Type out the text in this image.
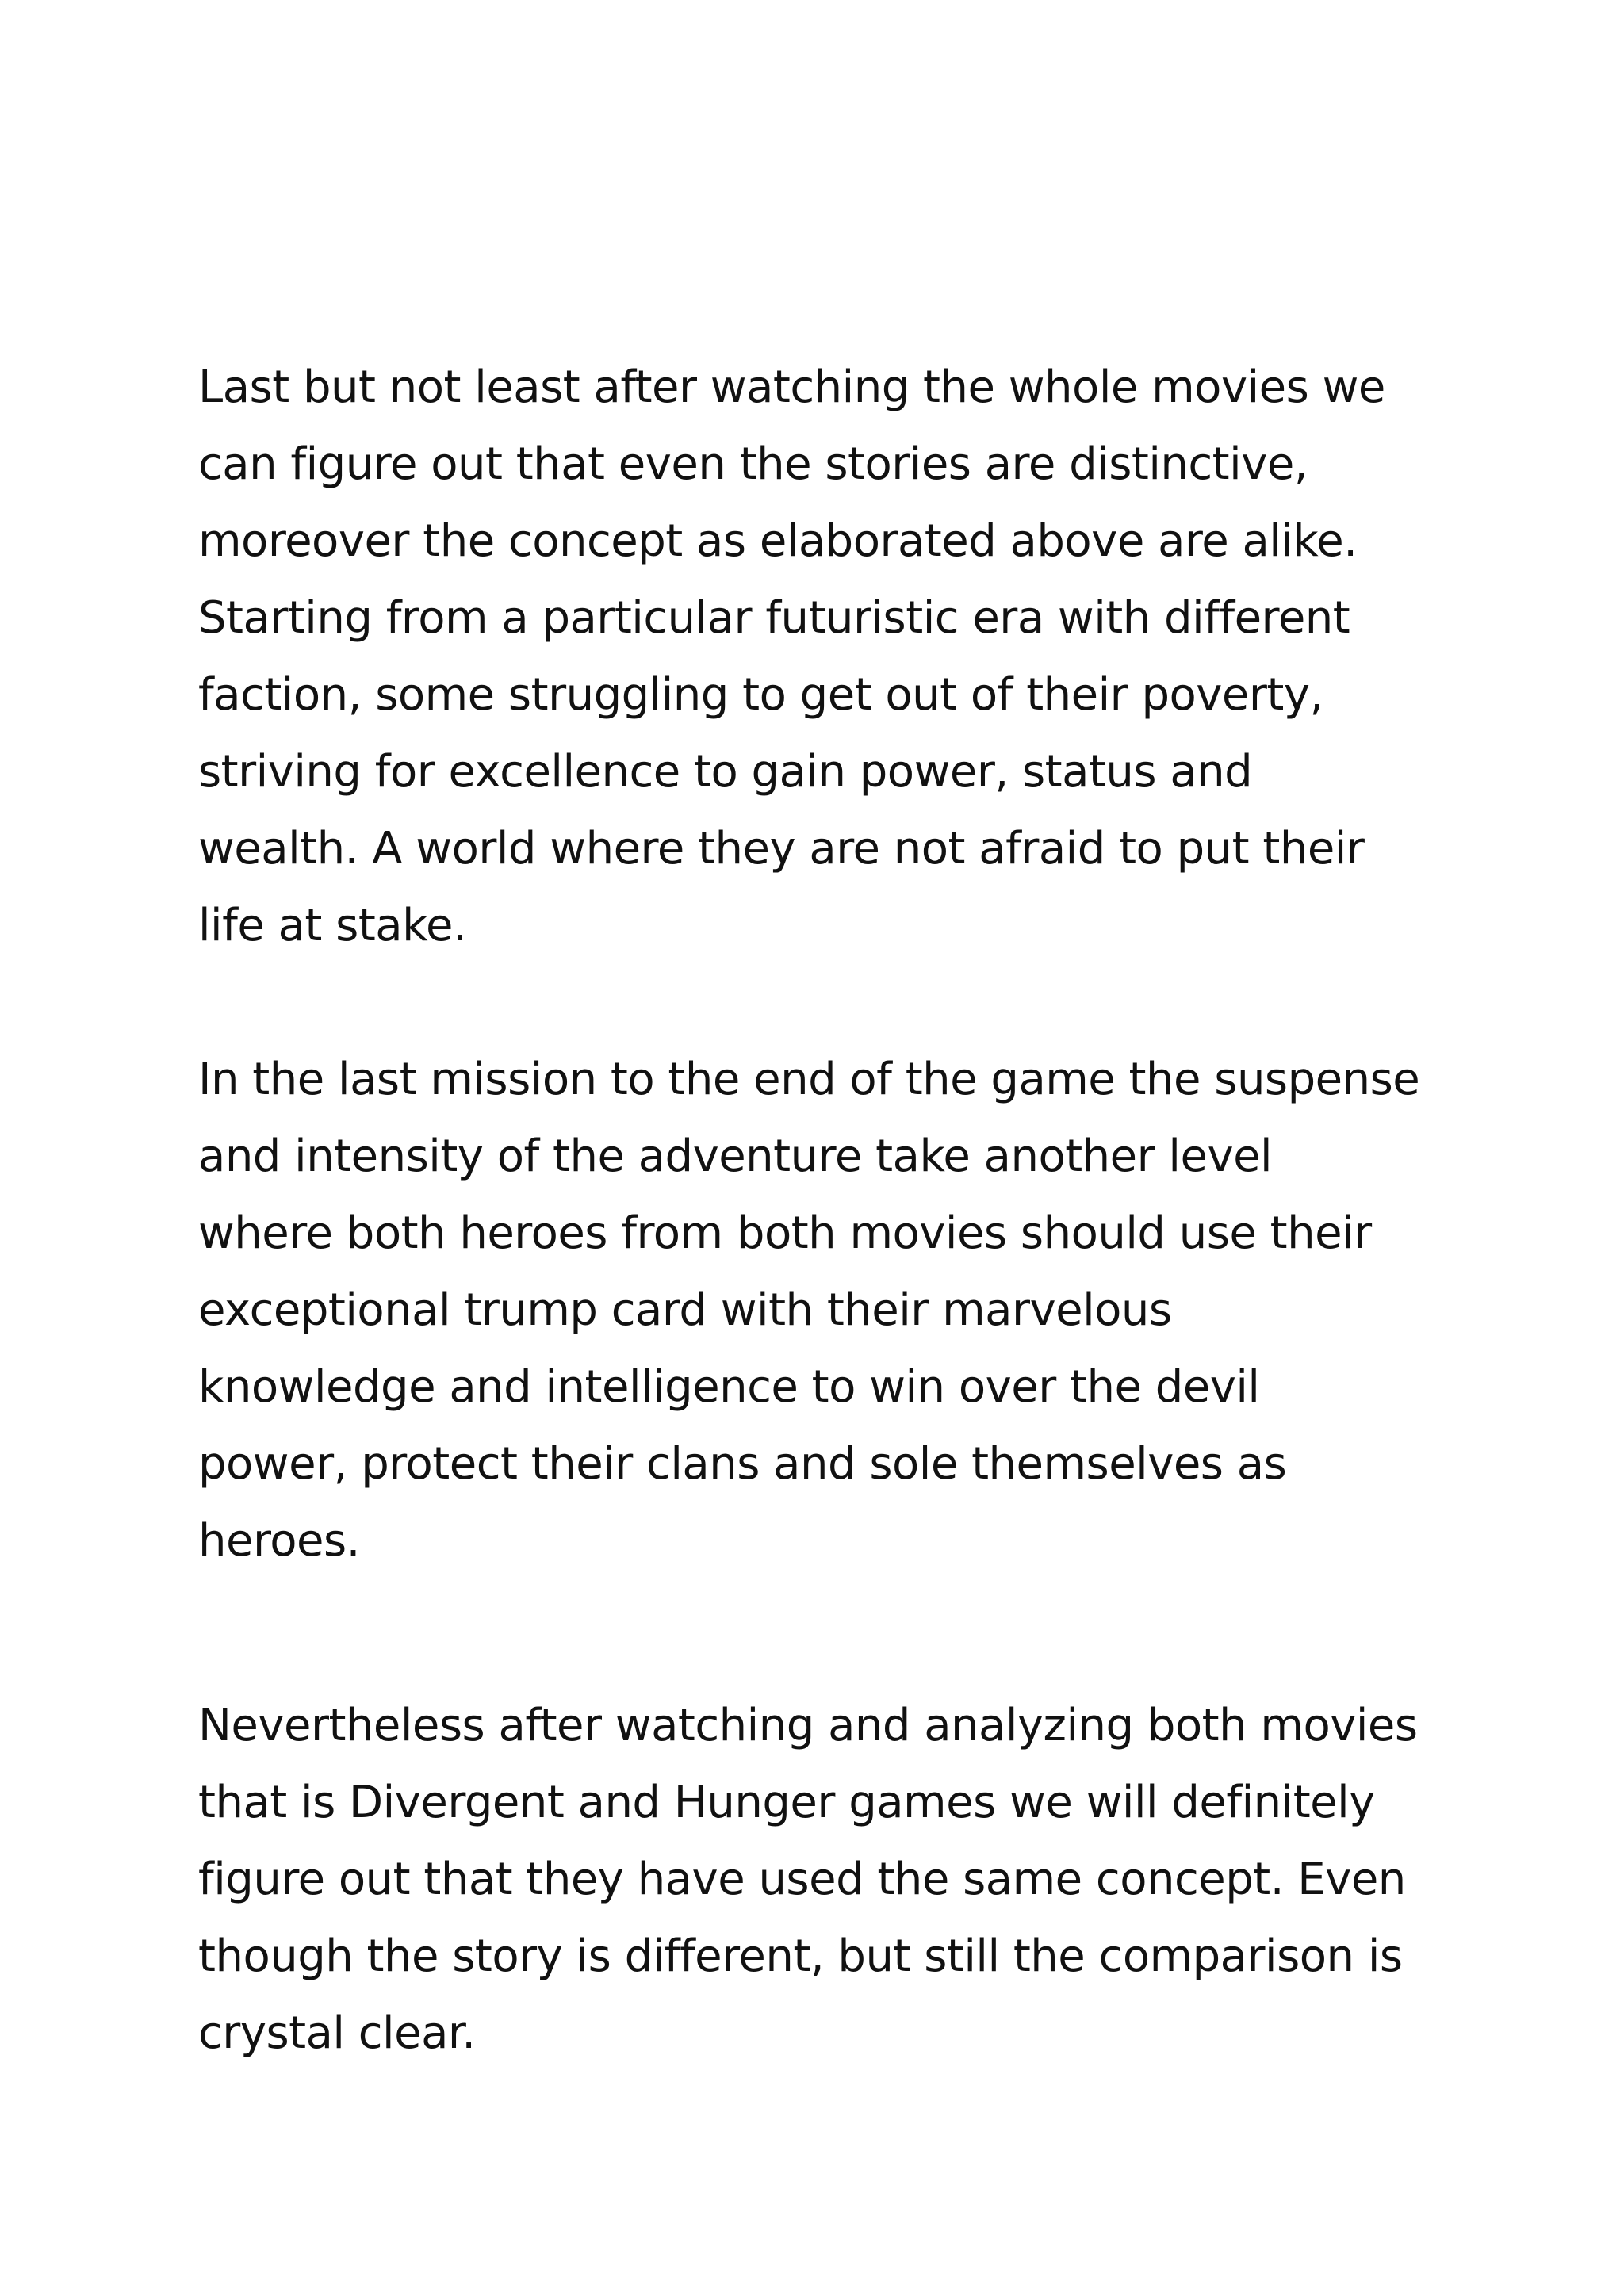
Last but not least after watching the whole movies we
can figure out that even the stories are distinctive,
moreover the concept as elaborated above are alike.
Starting from a particular futuristic era with different
faction, some struggling to get out of their poverty,
striving for excellence to gain power, status and
wealth. A world where they are not afraid to put their
life at stake.

In the last mission to the end of the game the suspense
and intensity of the adventure take another level
where both heroes from both movies should use their
exceptional trump card with their marvelous
knowledge and intelligence to win over the devil
power, protect their clans and sole themselves as
heroes.

Nevertheless after watching and analyzing both movies
that is Divergent and Hunger games we will definitely
figure out that they have used the same concept. Even
though the story is different, but still the comparison is
crystal clear.
